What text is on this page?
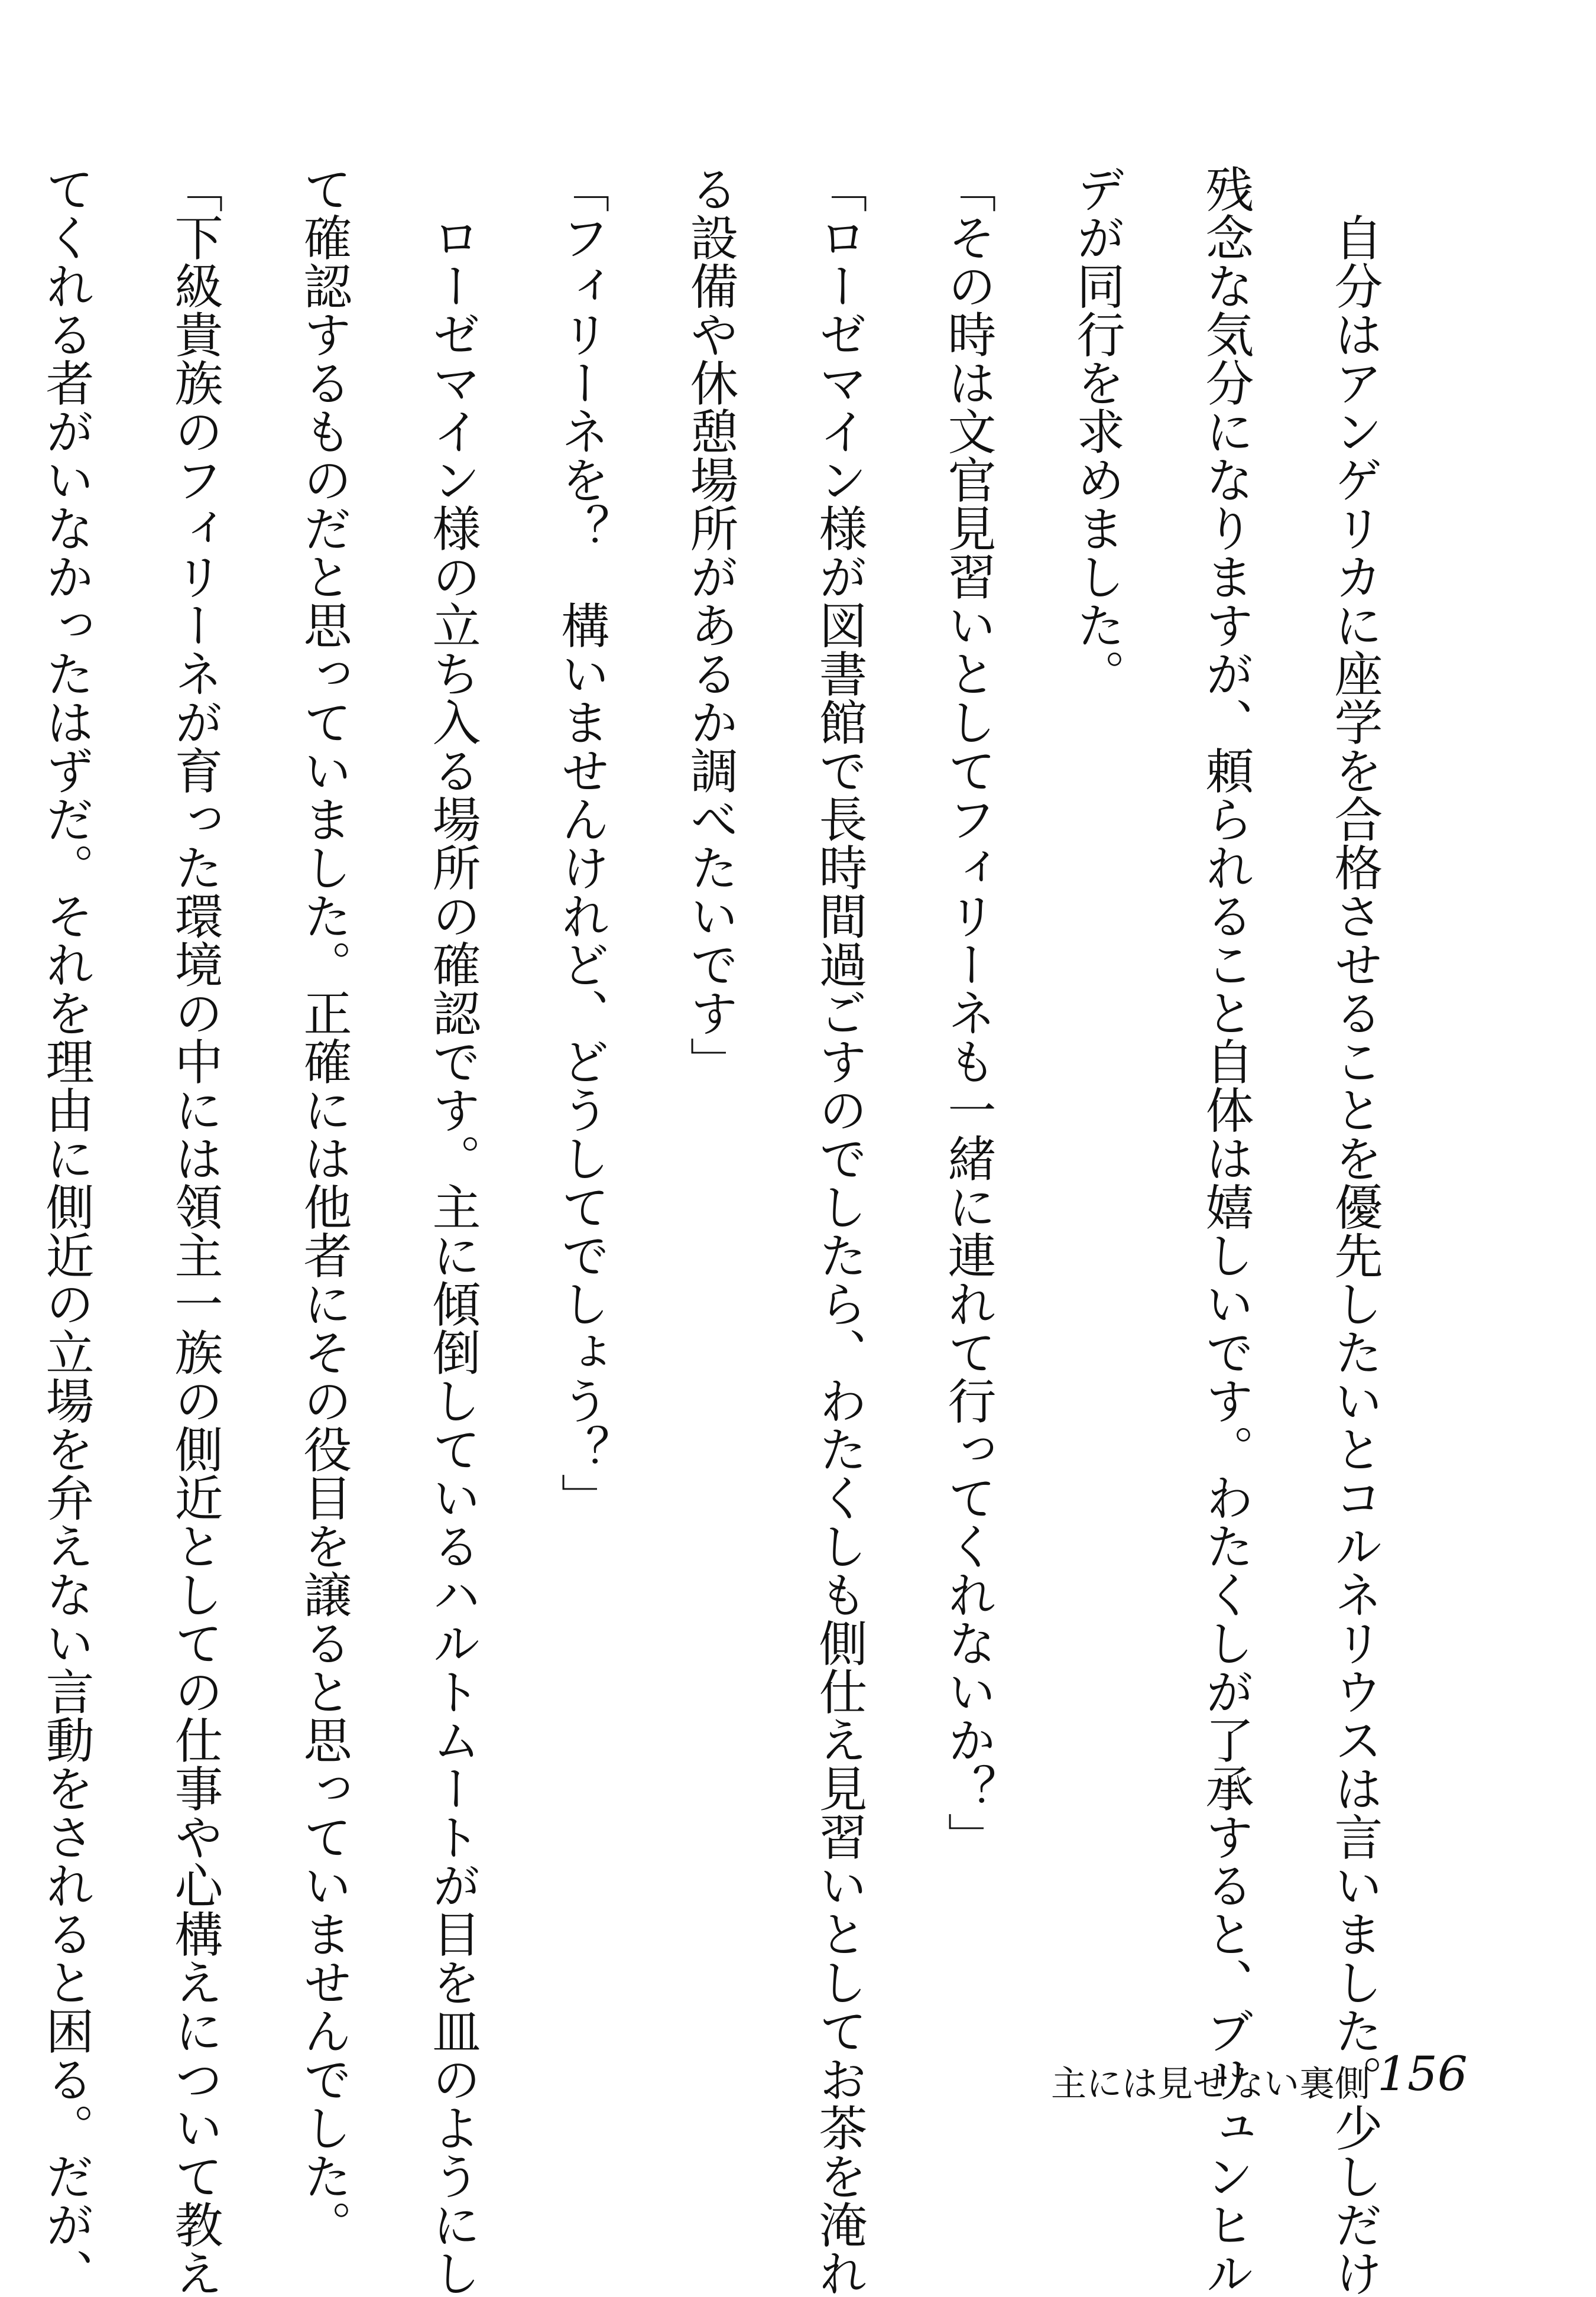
　自分はアンゲリカに座学を合格させることを優先したいとコルネリウスは言いました。少しだけ
残念な気分になりますが、頼られること自体は嬉しいです。わたくしが了承すると、ブリュンヒル
デが同行を求めました。
「その時は文官見習いとしてフィリーネも一緒に連れて行ってくれないか？」
「ローゼマイン様が図書館で長時間過ごすのでしたら、わたくしも側仕え見習いとしてお茶を淹れ
る設備や休憩場所があるか調べたいです」
「フィリーネを？　構いませんけれど、どうしてでしょう？」
　ローゼマイン様の立ち入る場所の確認です。主に傾倒しているハルトムートが目を皿のようにし
て確認するものだと思っていました。正確には他者にその役目を譲ると思っていませんでした。
「下級貴族のフィリーネが育った環境の中には領主一族の側近としての仕事や心構えについて教え
てくれる者がいなかったはずだ。それを理由に側近の立場を弁えない言動をされると困る。だが、	主には見せない裏側 156
